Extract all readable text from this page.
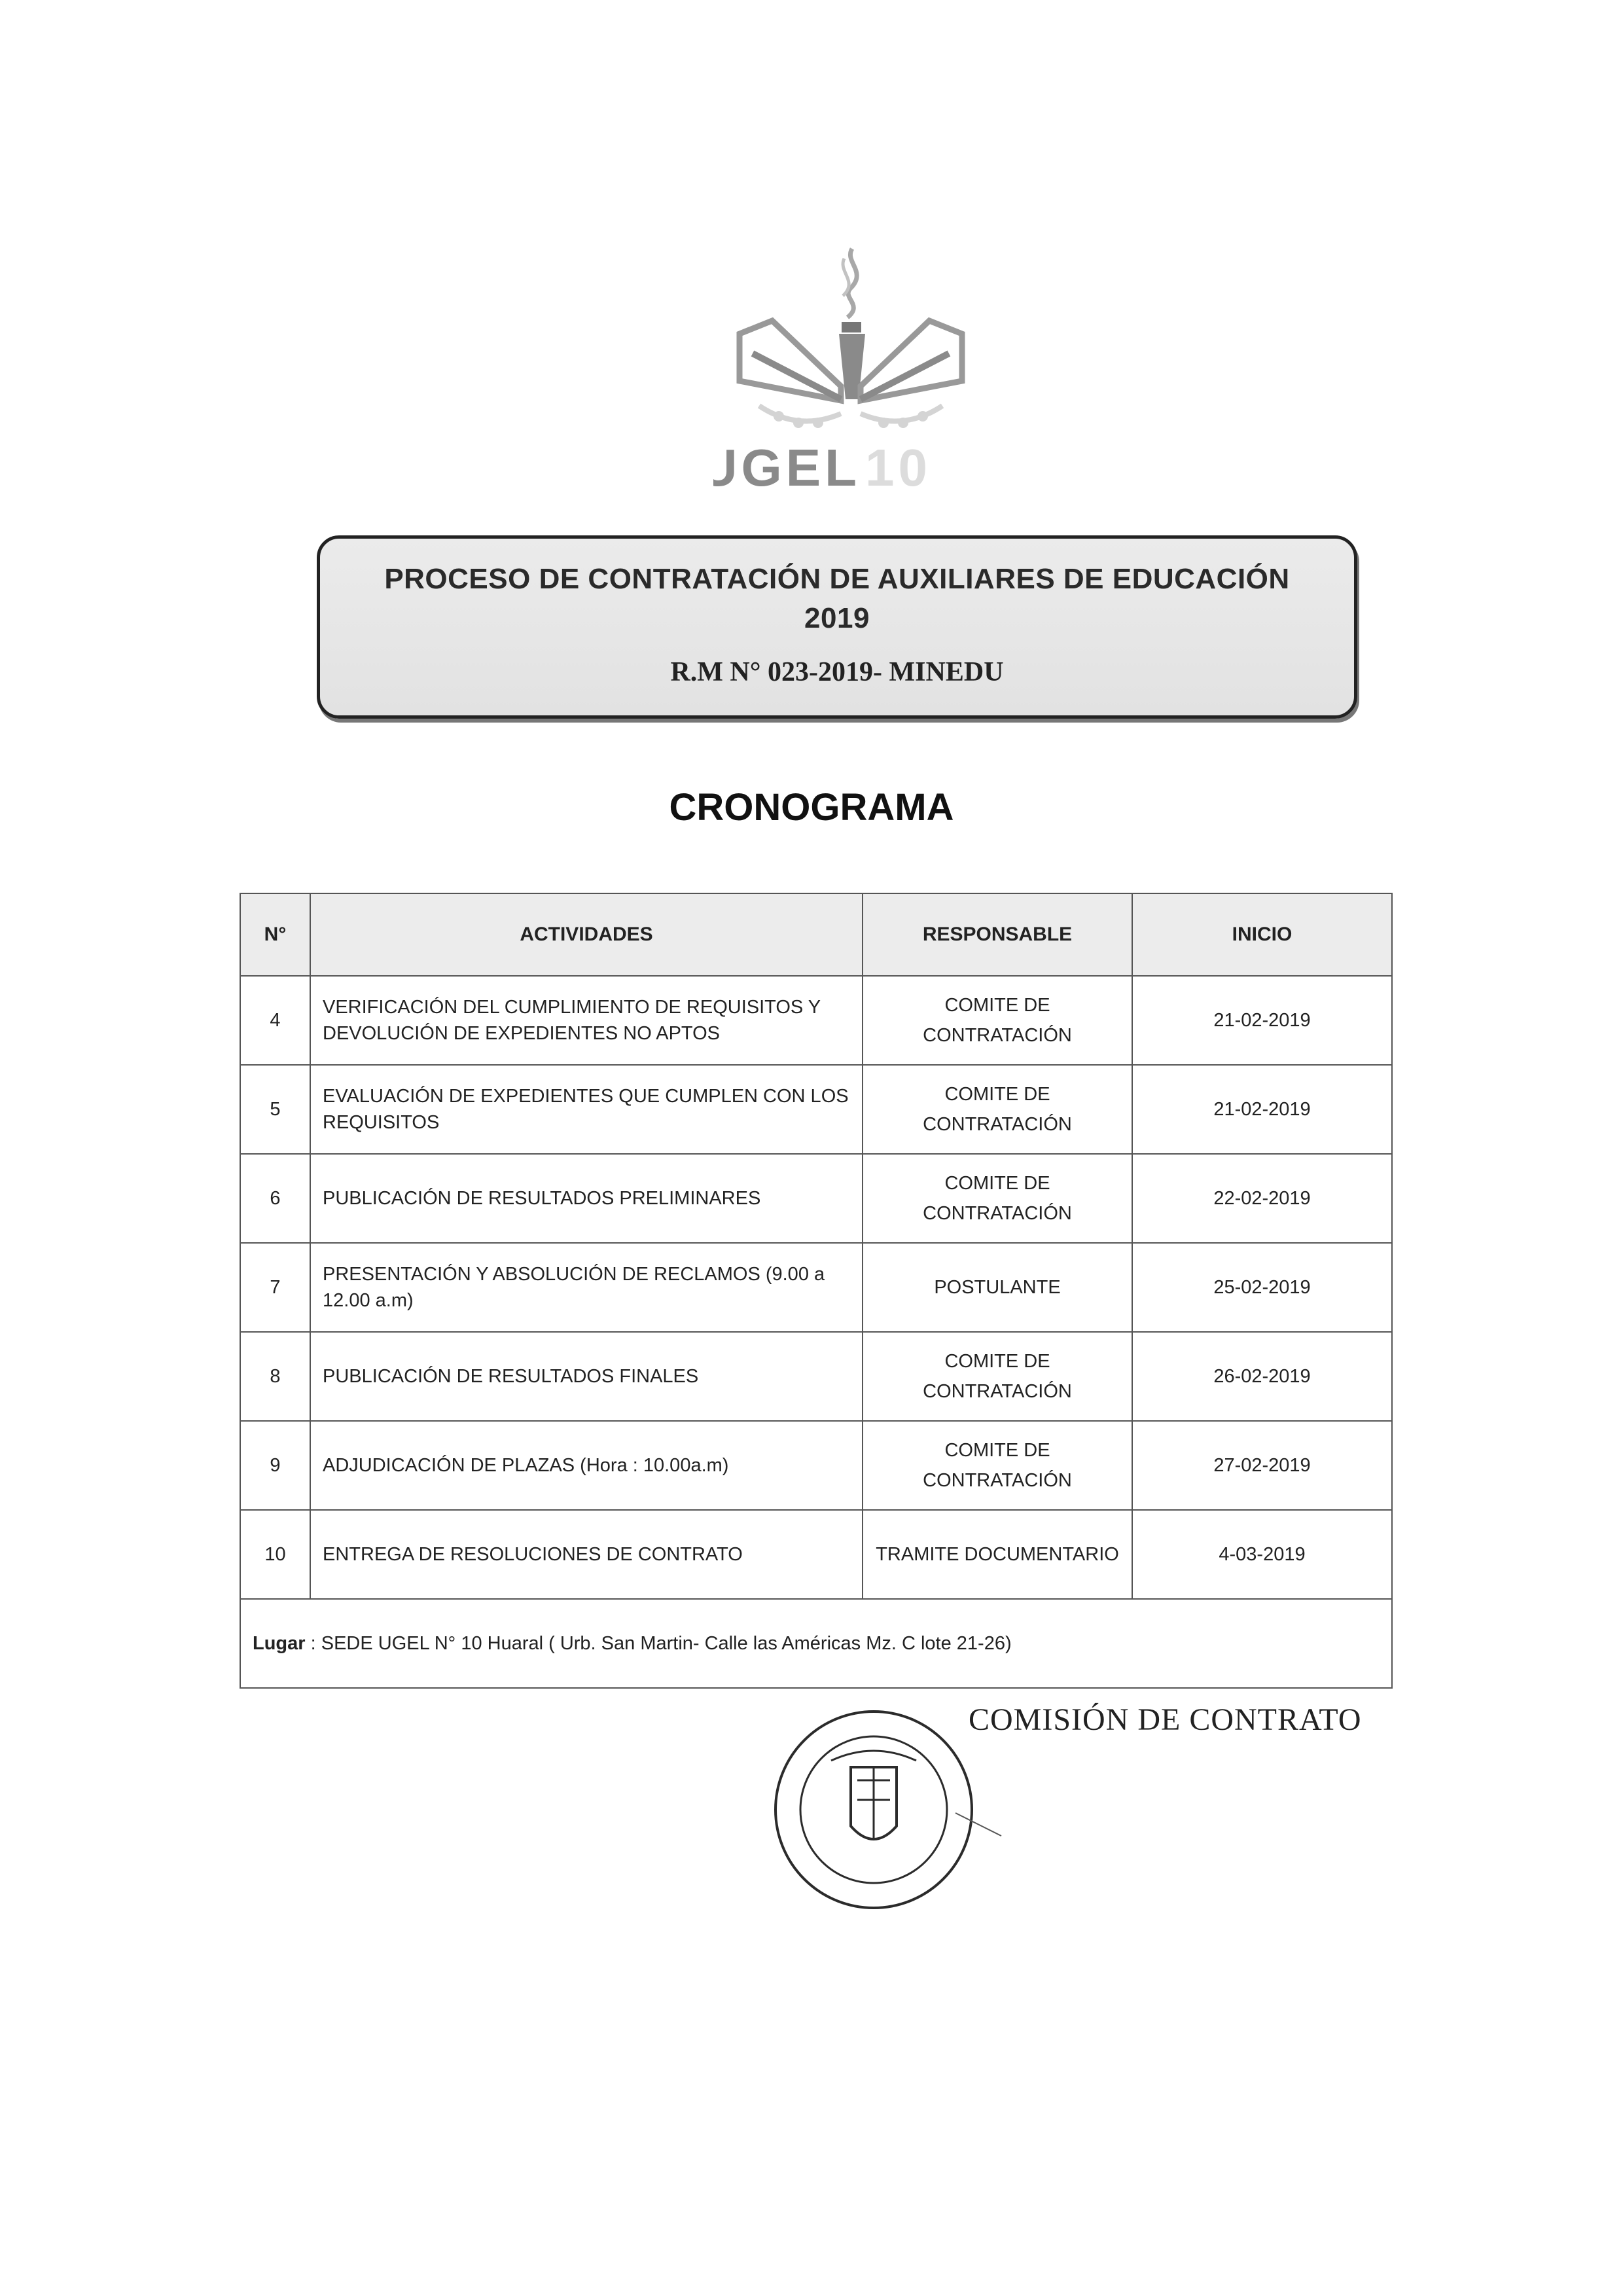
UGEL 10
PROCESO DE CONTRATACIÓN DE AUXILIARES DE EDUCACIÓN
2019
R.M N° 023-2019- MINEDU
CRONOGRAMA
N°	ACTIVIDADES	RESPONSABLE	INICIO
4	VERIFICACIÓN DEL CUMPLIMIENTO DE REQUISITOS Y DEVOLUCIÓN DE EXPEDIENTES NO APTOS	COMITE DE CONTRATACIÓN	21-02-2019
5	EVALUACIÓN DE EXPEDIENTES QUE CUMPLEN CON LOS REQUISITOS	COMITE DE CONTRATACIÓN	21-02-2019
6	PUBLICACIÓN DE RESULTADOS PRELIMINARES	COMITE DE CONTRATACIÓN	22-02-2019
7	PRESENTACIÓN Y ABSOLUCIÓN DE RECLAMOS (9.00 a 12.00 a.m)	POSTULANTE	25-02-2019
8	PUBLICACIÓN DE RESULTADOS FINALES	COMITE DE CONTRATACIÓN	26-02-2019
9	ADJUDICACIÓN DE PLAZAS (Hora : 10.00a.m)	COMITE DE CONTRATACIÓN	27-02-2019
10	ENTREGA DE RESOLUCIONES DE CONTRATO	TRAMITE DOCUMENTARIO	4-03-2019
Lugar : SEDE UGEL N° 10 Huaral ( Urb. San Martin- Calle las Américas Mz. C lote 21-26)			
COMISIÓN DE CONTRATO
